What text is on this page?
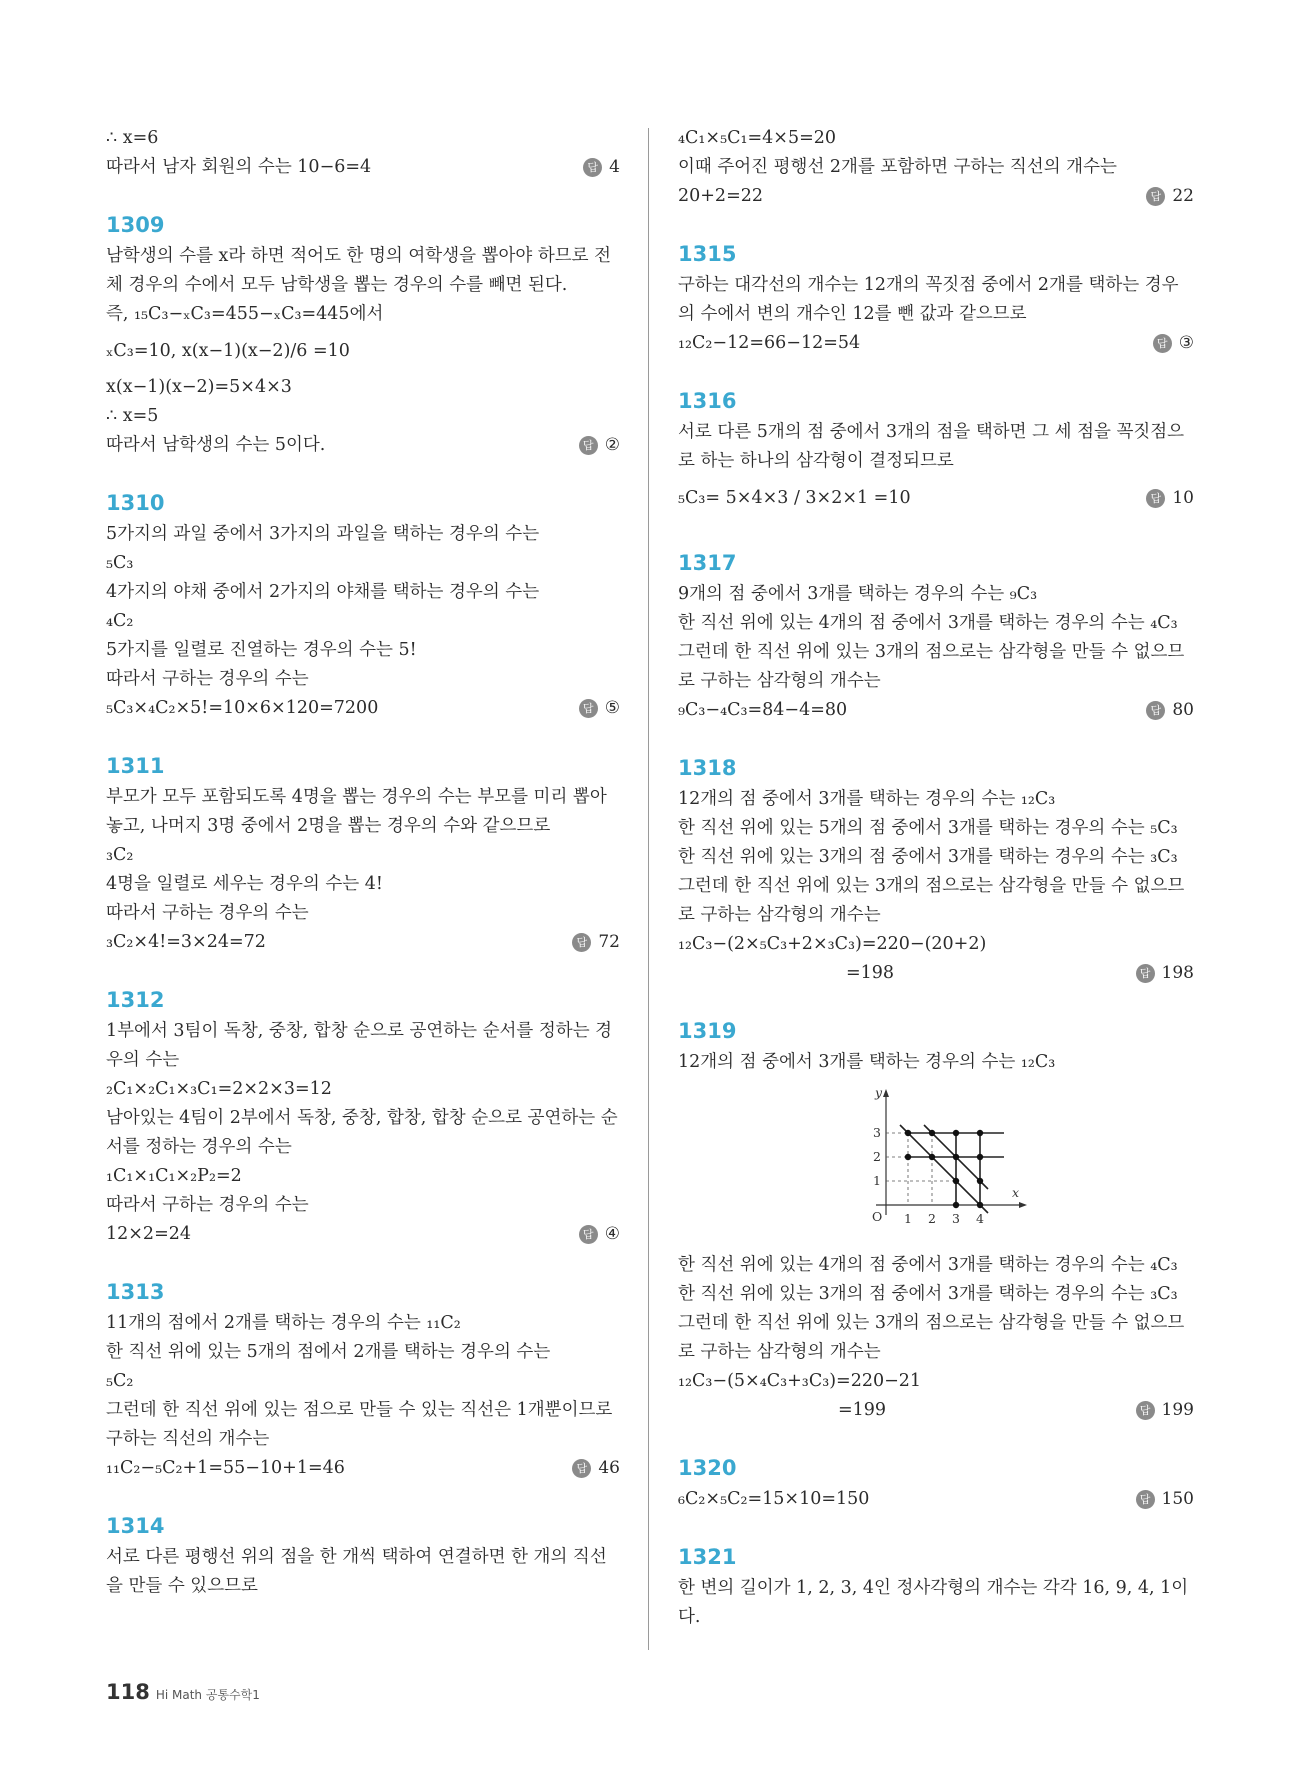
∴ x=6
따라서 남자 회원의 수는 10−6=4	답 4
1309
남학생의 수를 x라 하면 적어도 한 명의 여학생을 뽑아야 하므로 전체 경우의 수에서 모두 남학생을 뽑는 경우의 수를 빼면 된다.
즉, ₁₅C₃−ₓC₃=455−ₓC₃=445에서
ₓC₃=10, x(x−1)(x−2)/6 =10
x(x−1)(x−2)=5×4×3
∴ x=5
따라서 남학생의 수는 5이다.	답 ②
1310
5가지의 과일 중에서 3가지의 과일을 택하는 경우의 수는
₅C₃
4가지의 야채 중에서 2가지의 야채를 택하는 경우의 수는
₄C₂
5가지를 일렬로 진열하는 경우의 수는 5!
따라서 구하는 경우의 수는
₅C₃×₄C₂×5!=10×6×120=7200	답 ⑤
1311
부모가 모두 포함되도록 4명을 뽑는 경우의 수는 부모를 미리 뽑아 놓고, 나머지 3명 중에서 2명을 뽑는 경우의 수와 같으므로
₃C₂
4명을 일렬로 세우는 경우의 수는 4!
따라서 구하는 경우의 수는
₃C₂×4!=3×24=72	답 72
1312
1부에서 3팀이 독창, 중창, 합창 순으로 공연하는 순서를 정하는 경우의 수는
₂C₁×₂C₁×₃C₁=2×2×3=12
남아있는 4팀이 2부에서 독창, 중창, 합창, 합창 순으로 공연하는 순서를 정하는 경우의 수는
₁C₁×₁C₁×₂P₂=2
따라서 구하는 경우의 수는
12×2=24	답 ④
1313
11개의 점에서 2개를 택하는 경우의 수는 ₁₁C₂
한 직선 위에 있는 5개의 점에서 2개를 택하는 경우의 수는
₅C₂
그런데 한 직선 위에 있는 점으로 만들 수 있는 직선은 1개뿐이므로 구하는 직선의 개수는
₁₁C₂−₅C₂+1=55−10+1=46	답 46
1314
서로 다른 평행선 위의 점을 한 개씩 택하여 연결하면 한 개의 직선을 만들 수 있으므로
₄C₁×₅C₁=4×5=20
이때 주어진 평행선 2개를 포함하면 구하는 직선의 개수는
20+2=22	답 22
1315
구하는 대각선의 개수는 12개의 꼭짓점 중에서 2개를 택하는 경우의 수에서 변의 개수인 12를 뺀 값과 같으므로
₁₂C₂−12=66−12=54	답 ③
1316
서로 다른 5개의 점 중에서 3개의 점을 택하면 그 세 점을 꼭짓점으로 하는 하나의 삼각형이 결정되므로
₅C₃= 5×4×3 / 3×2×1 =10	답 10
1317
9개의 점 중에서 3개를 택하는 경우의 수는 ₉C₃
한 직선 위에 있는 4개의 점 중에서 3개를 택하는 경우의 수는 ₄C₃
그런데 한 직선 위에 있는 3개의 점으로는 삼각형을 만들 수 없으므로 구하는 삼각형의 개수는
₉C₃−₄C₃=84−4=80	답 80
1318
12개의 점 중에서 3개를 택하는 경우의 수는 ₁₂C₃
한 직선 위에 있는 5개의 점 중에서 3개를 택하는 경우의 수는 ₅C₃
한 직선 위에 있는 3개의 점 중에서 3개를 택하는 경우의 수는 ₃C₃
그런데 한 직선 위에 있는 3개의 점으로는 삼각형을 만들 수 없으므로 구하는 삼각형의 개수는
₁₂C₃−(2×₅C₃+2×₃C₃)=220−(20+2)
=198	답 198
1319
12개의 점 중에서 3개를 택하는 경우의 수는 ₁₂C₃
y
x
O 1 2 3 4
1
2
3
한 직선 위에 있는 4개의 점 중에서 3개를 택하는 경우의 수는 ₄C₃
한 직선 위에 있는 3개의 점 중에서 3개를 택하는 경우의 수는 ₃C₃
그런데 한 직선 위에 있는 3개의 점으로는 삼각형을 만들 수 없으므로 구하는 삼각형의 개수는
₁₂C₃−(5×₄C₃+₃C₃)=220−21
=199	답 199
1320
₆C₂×₅C₂=15×10=150	답 150
1321
한 변의 길이가 1, 2, 3, 4인 정사각형의 개수는 각각 16, 9, 4, 1이다.
118 Hi Math 공통수학1
